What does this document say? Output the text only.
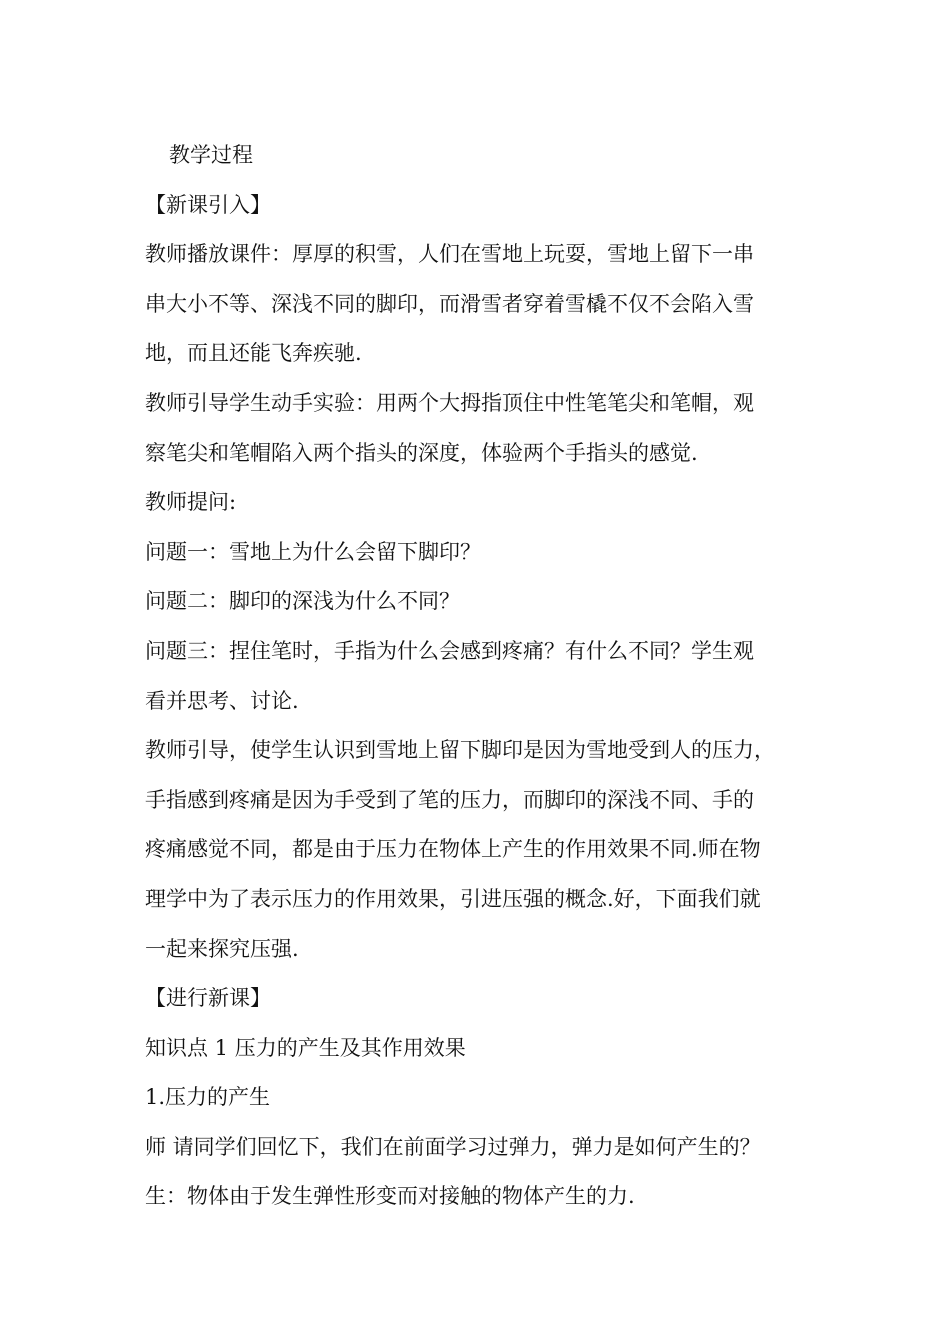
教学过程
【新课引入】
教师播放课件：厚厚的积雪，人们在雪地上玩耍，雪地上留下一串
串大小不等、深浅不同的脚印，而滑雪者穿着雪橇不仅不会陷入雪
地，而且还能飞奔疾驰.
教师引导学生动手实验：用两个大拇指顶住中性笔笔尖和笔帽，观
察笔尖和笔帽陷入两个指头的深度，体验两个手指头的感觉.
教师提问:
问题一：雪地上为什么会留下脚印？
问题二：脚印的深浅为什么不同？
问题三：捏住笔时，手指为什么会感到疼痛？有什么不同？学生观
看并思考、讨论.
教师引导，使学生认识到雪地上留下脚印是因为雪地受到人的压力，
手指感到疼痛是因为手受到了笔的压力，而脚印的深浅不同、手的
疼痛感觉不同，都是由于压力在物体上产生的作用效果不同.师在物
理学中为了表示压力的作用效果，引进压强的概念.好，下面我们就
一起来探究压强.
【进行新课】
知识点 1 压力的产生及其作用效果
1.压力的产生
师 请同学们回忆下，我们在前面学习过弹力，弹力是如何产生的？
生：物体由于发生弹性形变而对接触的物体产生的力.
